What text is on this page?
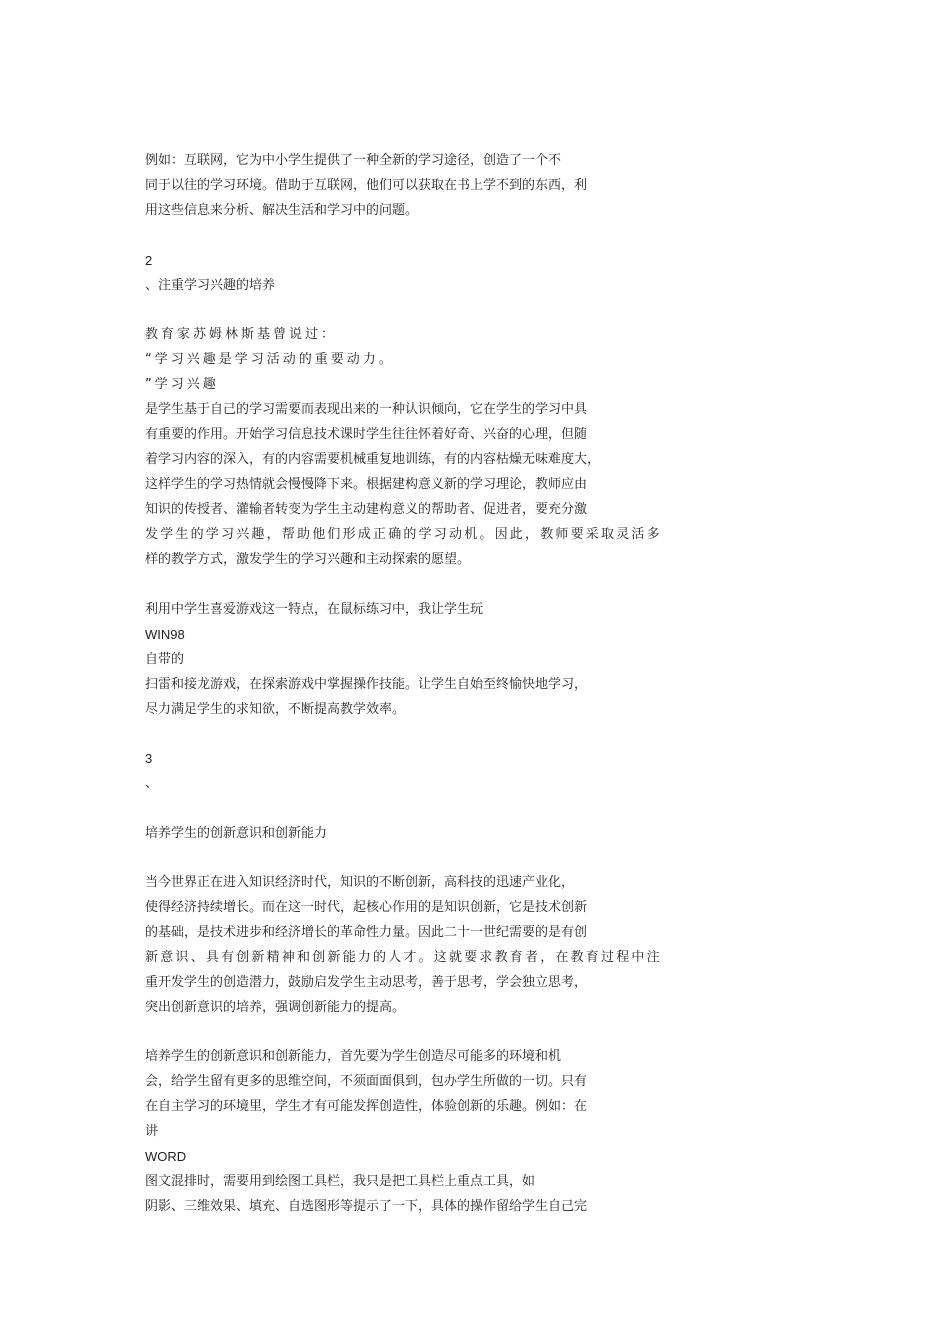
例如：互联网，它为中小学生提供了一种全新的学习途径，创造了一个不
同于以往的学习环境。借助于互联网，他们可以获取在书上学不到的东西，利
用这些信息来分析、解决生活和学习中的问题。
2
、注重学习兴趣的培养
教育家苏姆林斯基曾说过：
“学习兴趣是学习活动的重要动力。
”学习兴趣
是学生基于自己的学习需要而表现出来的一种认识倾向，它在学生的学习中具
有重要的作用。开始学习信息技术课时学生往往怀着好奇、兴奋的心理，但随
着学习内容的深入，有的内容需要机械重复地训练，有的内容枯燥无味难度大，
这样学生的学习热情就会慢慢降下来。根据建构意义新的学习理论，教师应由
知识的传授者、灌输者转变为学生主动建构意义的帮助者、促进者，要充分激
发学生的学习兴趣，帮助他们形成正确的学习动机。因此，教师要采取灵活多
样的教学方式，激发学生的学习兴趣和主动探索的愿望。
利用中学生喜爱游戏这一特点，在鼠标练习中，我让学生玩
WIN98
自带的
扫雷和接龙游戏，在探索游戏中掌握操作技能。让学生自始至终愉快地学习，
尽力满足学生的求知欲，不断提高教学效率。
3
、
培养学生的创新意识和创新能力
当今世界正在进入知识经济时代，知识的不断创新，高科技的迅速产业化，
使得经济持续增长。而在这一时代，起核心作用的是知识创新，它是技术创新
的基础，是技术进步和经济增长的革命性力量。因此二十一世纪需要的是有创
新意识、具有创新精神和创新能力的人才。这就要求教育者，在教育过程中注
重开发学生的创造潜力，鼓励启发学生主动思考，善于思考，学会独立思考，
突出创新意识的培养，强调创新能力的提高。
培养学生的创新意识和创新能力，首先要为学生创造尽可能多的环境和机
会，给学生留有更多的思维空间，不须面面俱到，包办学生所做的一切。只有
在自主学习的环境里，学生才有可能发挥创造性，体验创新的乐趣。例如：在
讲
WORD
图文混排时，需要用到绘图工具栏，我只是把工具栏上重点工具，如
阴影、三维效果、填充、自选图形等提示了一下，具体的操作留给学生自己完
